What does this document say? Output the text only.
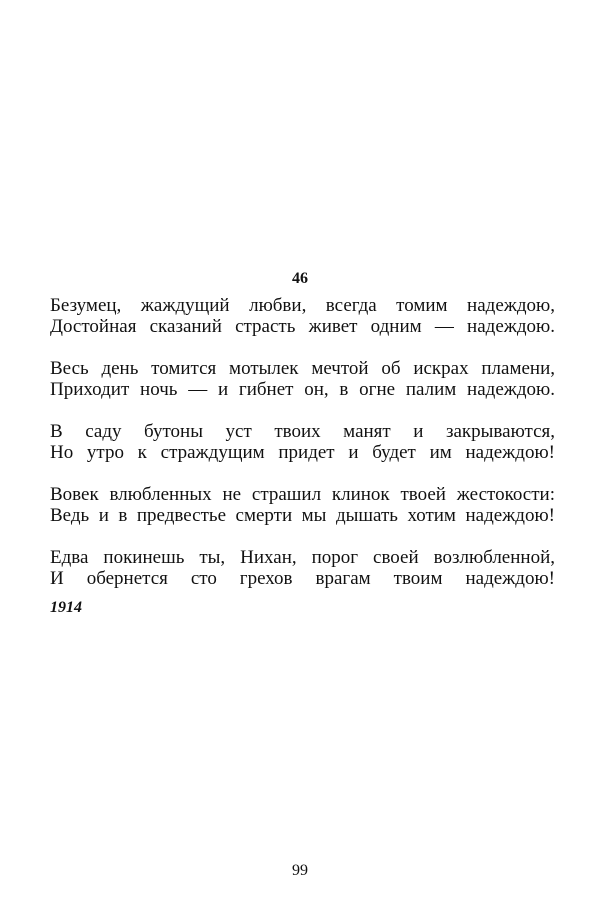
46
Безумец, жаждущий любви, всегда томим надеждою,
Достойная сказаний страсть живет одним — надеждою.
Весь день томится мотылек мечтой об искрах пламени,
Приходит ночь — и гибнет он, в огне палим надеждою.
В саду бутоны уст твоих манят и закрываются,
Но утро к страждущим придет и будет им надеждою!
Вовек влюбленных не страшил клинок твоей жестокости:
Ведь и в предвестье смерти мы дышать хотим надеждою!
Едва покинешь ты, Нихан, порог своей возлюбленной,
И обернется сто грехов врагам твоим надеждою!
1914
99
